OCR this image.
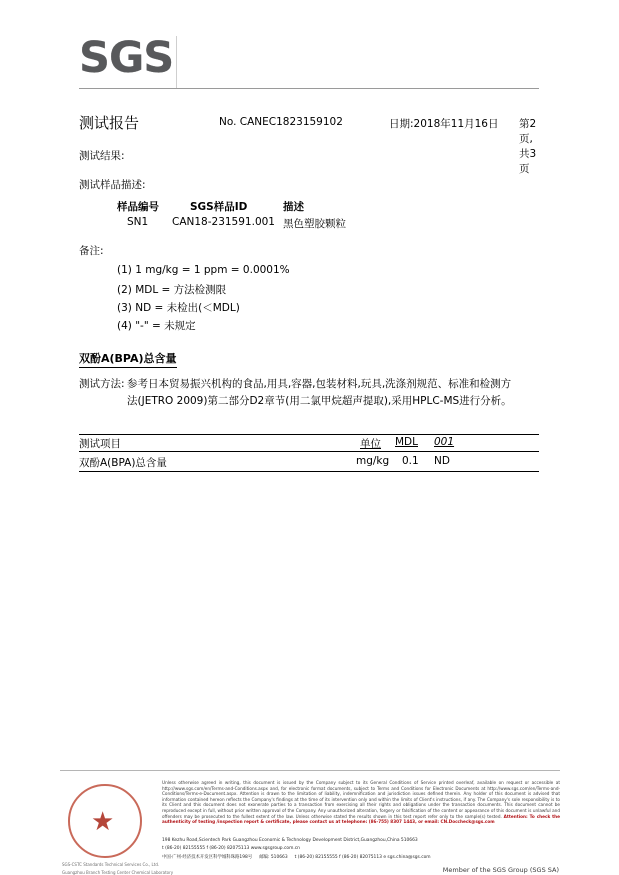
SGS
测试报告	No. CANEC1823159102	日期:2018年11月16日 第2页,共3页
测试结果:
测试样品描述:
样品编号	SGS样品ID	描述
SN1 CAN18-231591.001 黑色塑胶颗粒
备注:
(1) 1 mg/kg = 1 ppm = 0.0001%
(2) MDL = 方法检测限
(3) ND = 未检出(＜MDL)
(4) "-" = 未规定
双酚A(BPA)总含量
测试方法: 参考日本贸易振兴机构的食品,用具,容器,包装材料,玩具,洗涤剂规范、标准和检测方
法(JETRO 2009)第二部分D2章节(用二氯甲烷超声提取),采用HPLC-MS进行分析。
测试项目	单位 MDL 001
双酚A(BPA)总含量	mg/kg 0.1 ND
SGS-CSTC Standards Technical Services Co., Ltd.
Guangzhou Branch Testing Center Chemical Laboratory
Unless otherwise agreed in writing, this document is issued by the Company subject to its General Conditions of Service printed overleaf, available on request or accessible at http://www.sgs.com/en/Terms-and-Conditions.aspx and, for electronic format documents, subject to Terms and Conditions for Electronic Documents at http://www.sgs.com/en/Terms-and-Conditions/Terms-e-Document.aspx. Attention is drawn to the limitation of liability, indemnification and jurisdiction issues defined therein. Any holder of this document is advised that information contained hereon reflects the Company's findings at the time of its intervention only and within the limits of Client's instructions, if any. The Company's sole responsibility is to its Client and this document does not exonerate parties to a transaction from exercising all their rights and obligations under the transaction documents. This document cannot be reproduced except in full, without prior written approval of the Company. Any unauthorized alteration, forgery or falsification of the content or appearance of this document is unlawful and offenders may be prosecuted to the fullest extent of the law. Unless otherwise stated the results shown in this test report refer only to the sample(s) tested. Attention: To check the authenticity of testing /inspection report & certificate, please contact us at telephone: (86-755) 8307 1443, or email: CN.Doccheck@sgs.com
198 Kezhu Road,Scientech Park Guangzhou Economic & Technology Development District,Guangzhou,China 510663
t (86-20) 82155555 f (86-20) 82075113 www.sgsgroup.com.cn
中国·广州·经济技术开发区科学城科珠路198号 邮编: 510663 t (86-20) 82155555 f (86-20) 82075113 e sgs.china@sgs.com
Member of the SGS Group (SGS SA)
